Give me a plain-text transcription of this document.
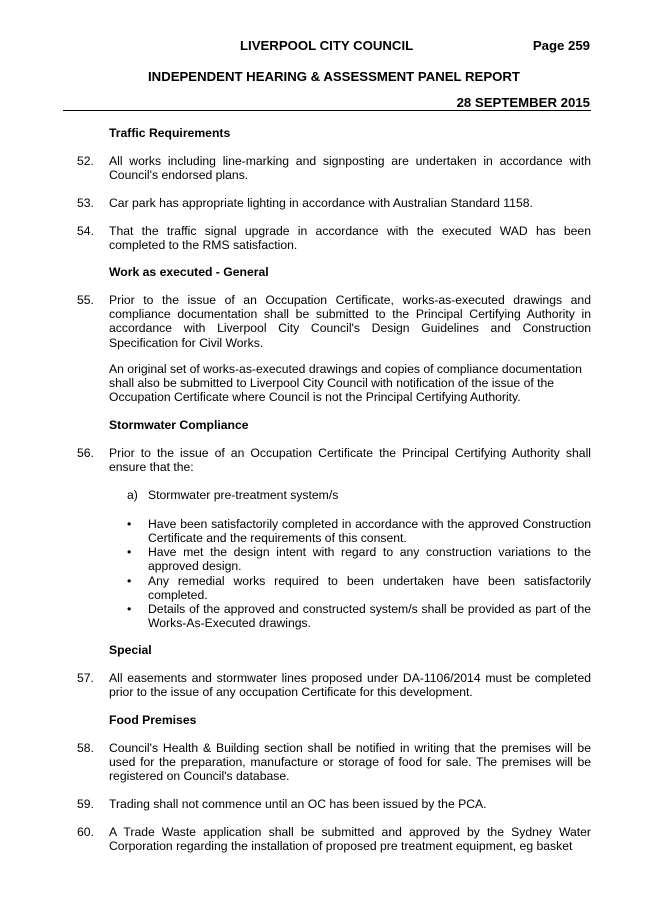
LIVERPOOL CITY COUNCIL	Page 259
INDEPENDENT HEARING & ASSESSMENT PANEL REPORT
28 SEPTEMBER 2015
Traffic Requirements
52. All works including line-marking and signposting are undertaken in accordance with Council's endorsed plans.
53. Car park has appropriate lighting in accordance with Australian Standard 1158.
54. That the traffic signal upgrade in accordance with the executed WAD has been completed to the RMS satisfaction.
Work as executed - General
55. Prior to the issue of an Occupation Certificate, works-as-executed drawings and compliance documentation shall be submitted to the Principal Certifying Authority in accordance with Liverpool City Council's Design Guidelines and Construction Specification for Civil Works.
An original set of works-as-executed drawings and copies of compliance documentation shall also be submitted to Liverpool City Council with notification of the issue of the Occupation Certificate where Council is not the Principal Certifying Authority.
Stormwater Compliance
56. Prior to the issue of an Occupation Certificate the Principal Certifying Authority shall ensure that the:
a) Stormwater pre-treatment system/s
• Have been satisfactorily completed in accordance with the approved Construction Certificate and the requirements of this consent.
• Have met the design intent with regard to any construction variations to the approved design.
• Any remedial works required to been undertaken have been satisfactorily completed.
• Details of the approved and constructed system/s shall be provided as part of the Works-As-Executed drawings.
Special
57. All easements and stormwater lines proposed under DA-1106/2014 must be completed prior to the issue of any occupation Certificate for this development.
Food Premises
58. Council's Health & Building section shall be notified in writing that the premises will be used for the preparation, manufacture or storage of food for sale. The premises will be registered on Council's database.
59. Trading shall not commence until an OC has been issued by the PCA.
60. A Trade Waste application shall be submitted and approved by the Sydney Water Corporation regarding the installation of proposed pre treatment equipment, eg basket
